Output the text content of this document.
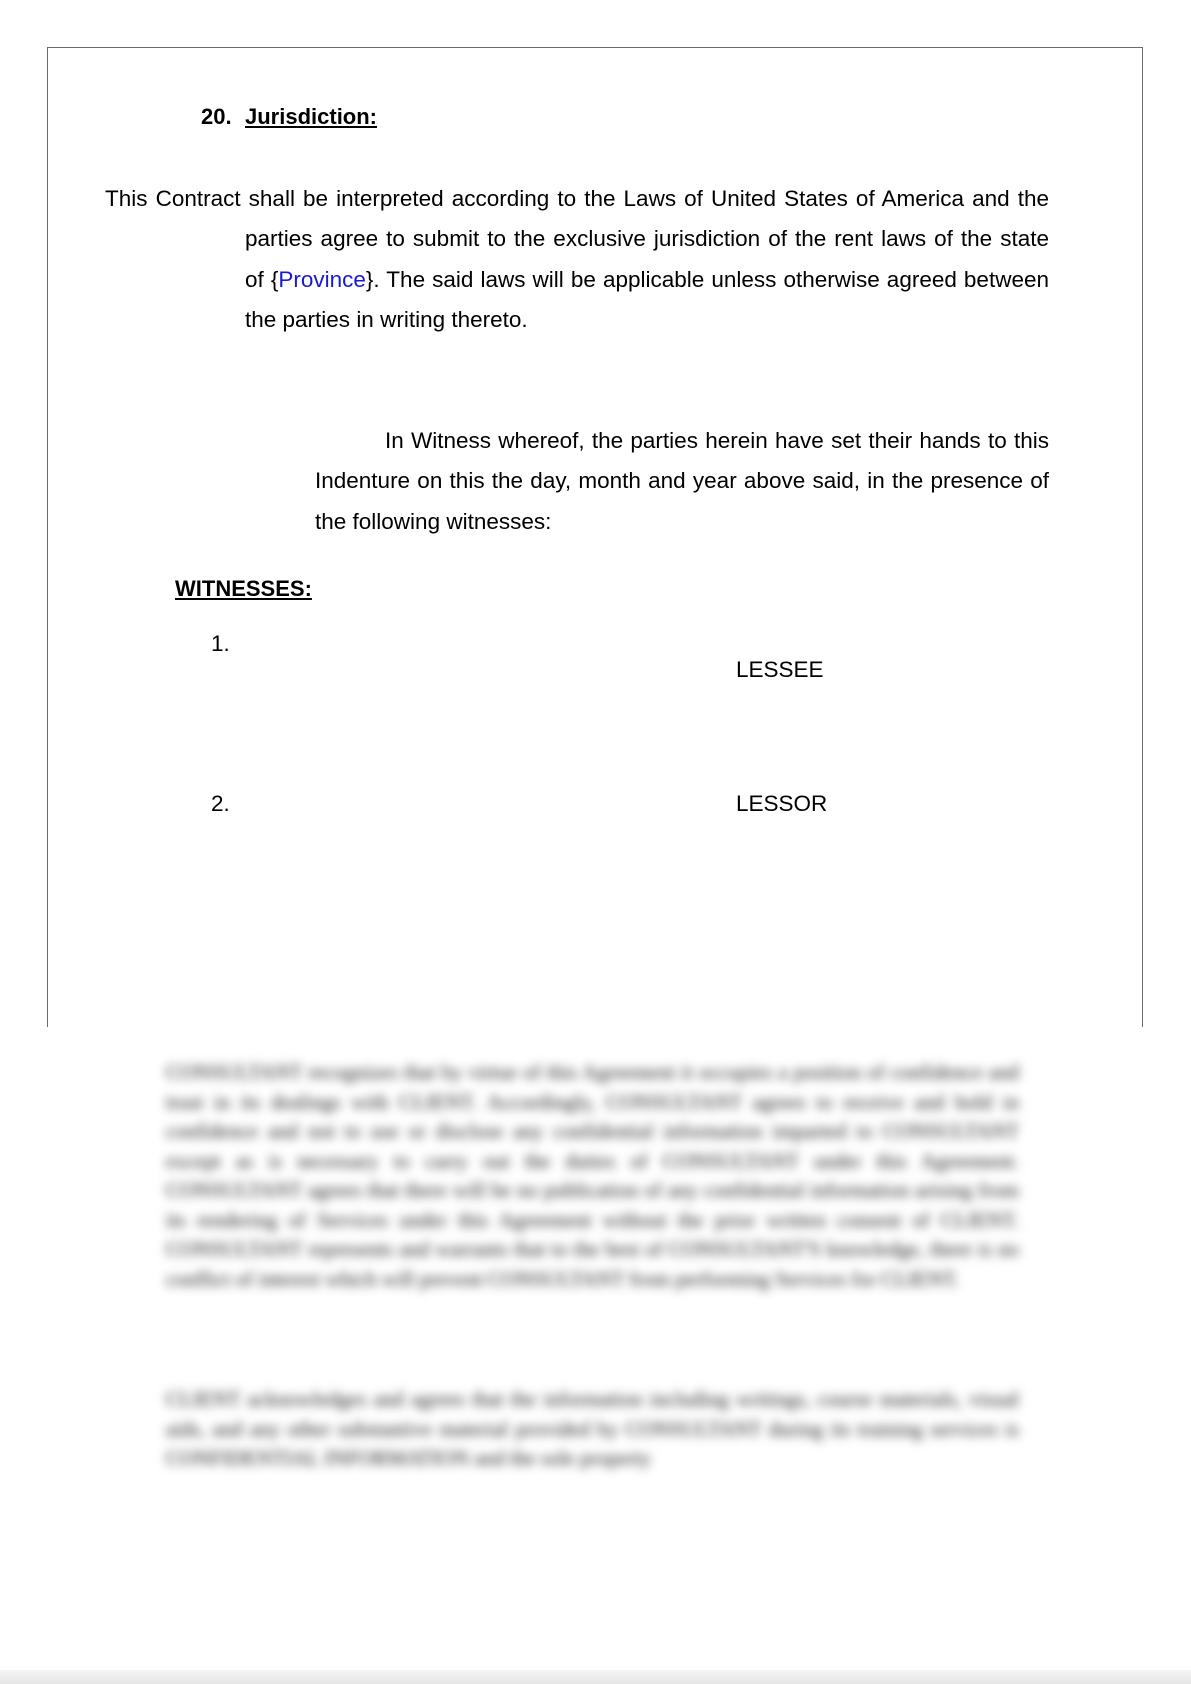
20. Jurisdiction:
This Contract shall be interpreted according to the Laws of United States of America and the parties agree to submit to the exclusive jurisdiction of the rent laws of the state of {Province}. The said laws will be applicable unless otherwise agreed between the parties in writing thereto.
In Witness whereof, the parties herein have set their hands to this Indenture on this the day, month and year above said, in the presence of the following witnesses:
WITNESSES:
1.
LESSEE
2.	LESSOR
CONSULTANT recognizes that by virtue of this Agreement it occupies a position of confidence and trust in its dealings with CLIENT. Accordingly, CONSULTANT agrees to receive and hold in confidence and not to use or disclose any confidential information imparted to CONSULTANT except as is necessary to carry out the duties of CONSULTANT under this Agreement. CONSULTANT agrees that there will be no publication of any confidential information arising from its rendering of Services under this Agreement without the prior written consent of CLIENT. CONSULTANT represents and warrants that to the best of CONSULTANT'S knowledge, there is no conflict of interest which will prevent CONSULTANT from performing Services for CLIENT.
CLIENT acknowledges and agrees that the information including writings, course materials, visual aids, and any other substantive material provided by CONSULTANT during its training services is CONFIDENTIAL INFORMATION and the sole property
